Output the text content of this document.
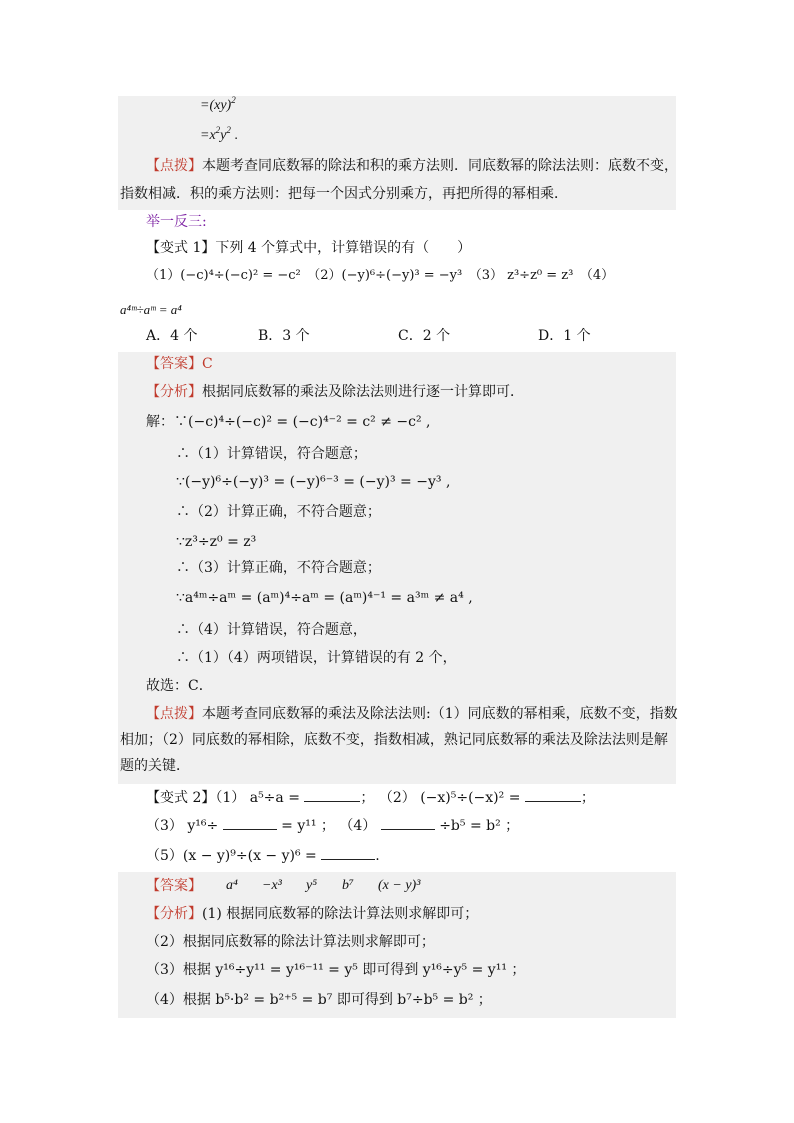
=(xy)$^2$
$=x^2y^2$ .
【点拨】本题考查同底数幂的除法和积的乘方法则．同底数幂的除法法则：底数不变，
指数相减．积的乘方法则：把每一个因式分别乘方，再把所得的幂相乘．
举一反三:
【变式 1】下列 4 个算式中，计算错误的有（　　）
（1）(−c)⁴÷(−c)² = −c²　（2）(−y)⁶÷(−y)³ = −y³　（3） z³÷z⁰ = z³　（4）
a⁴ᵐ÷aᵐ = a⁴
A．4 个	B．3 个	C．2 个	D．1 个
【答案】C
【分析】根据同底数幂的乘法及除法法则进行逐一计算即可．
解：∵(−c)⁴÷(−c)² = (−c)⁴⁻² = c² ≠ −c² ,
∴（1）计算错误，符合题意；
∵(−y)⁶÷(−y)³ = (−y)⁶⁻³ = (−y)³ = −y³ ,
∴（2）计算正确，不符合题意；
∵z³÷z⁰ = z³
∴（3）计算正确，不符合题意；
∵a⁴ᵐ÷aᵐ = (aᵐ)⁴÷aᵐ = (aᵐ)⁴⁻¹ = a³ᵐ ≠ a⁴ ,
∴（4）计算错误，符合题意，
∴（1）（4）两项错误，计算错误的有 2 个，
故选：C．
【点拨】本题考查同底数幂的乘法及除法法则:（1）同底数的幂相乘，底数不变，指数
相加；（2）同底数的幂相除，底数不变，指数相减，熟记同底数幂的乘法及除法法则是解
题的关键．
【变式 2】（1） a⁵÷a =	； （2） (−x)⁵÷(−x)² =	；
（3） y¹⁶÷	= y¹¹ ； （4）	÷b⁵ = b² ；
（5）(x − y)⁹÷(x − y)⁶ =	.
【答案】 a⁴ −x³ y⁵ b⁷ (x − y)³
【分析】(1) 根据同底数幂的除法计算法则求解即可；
（2）根据同底数幂的除法计算法则求解即可；
（3）根据 y¹⁶÷y¹¹ = y¹⁶⁻¹¹ = y⁵ 即可得到 y¹⁶÷y⁵ = y¹¹ ；
（4）根据 b⁵·b² = b²⁺⁵ = b⁷ 即可得到 b⁷÷b⁵ = b² ；
